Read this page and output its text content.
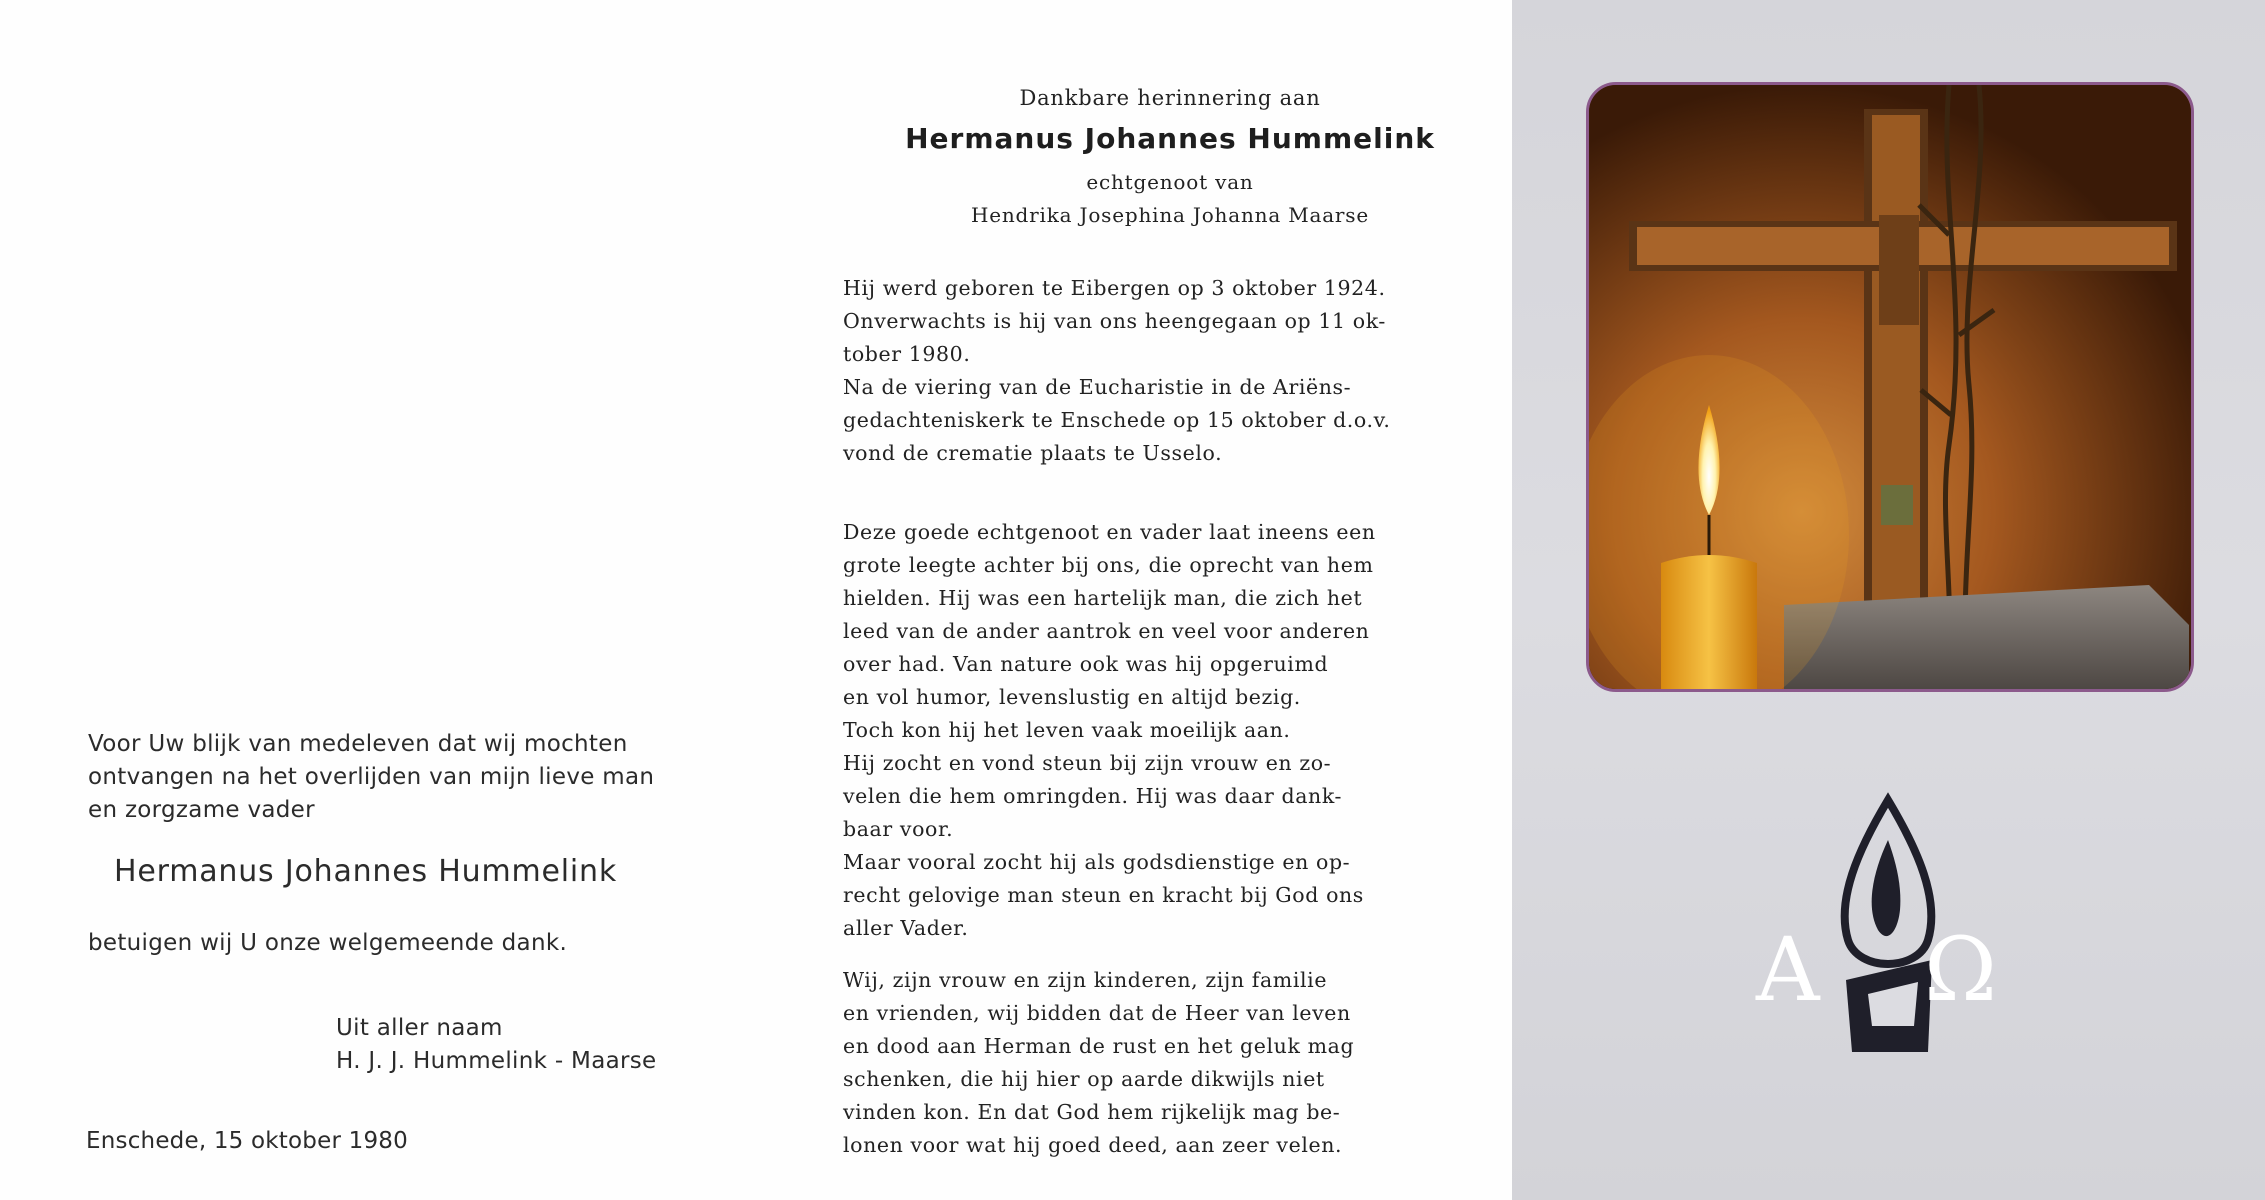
Voor Uw blijk van medeleven dat wij mochten
ontvangen na het overlijden van mijn lieve man
en zorgzame vader
Hermanus Johannes Hummelink
betuigen wij U onze welgemeende dank.
Uit aller naam
H. J. J. Hummelink - Maarse
Enschede, 15 oktober 1980
Dankbare herinnering aan
Hermanus Johannes Hummelink
echtgenoot van
Hendrika Josephina Johanna Maarse
Hij werd geboren te Eibergen op 3 oktober 1924.
Onverwachts is hij van ons heengegaan op 11 ok-
tober 1980.
Na de viering van de Eucharistie in de Ariëns-
gedachteniskerk te Enschede op 15 oktober d.o.v.
vond de crematie plaats te Usselo.
Deze goede echtgenoot en vader laat ineens een
grote leegte achter bij ons, die oprecht van hem
hielden. Hij was een hartelijk man, die zich het
leed van de ander aantrok en veel voor anderen
over had. Van nature ook was hij opgeruimd
en vol humor, levenslustig en altijd bezig.
Toch kon hij het leven vaak moeilijk aan.
Hij zocht en vond steun bij zijn vrouw en zo-
velen die hem omringden. Hij was daar dank-
baar voor.
Maar vooral zocht hij als godsdienstige en op-
recht gelovige man steun en kracht bij God ons
aller Vader.
Wij, zijn vrouw en zijn kinderen, zijn familie
en vrienden, wij bidden dat de Heer van leven
en dood aan Herman de rust en het geluk mag
schenken, die hij hier op aarde dikwijls niet
vinden kon. En dat God hem rijkelijk mag be-
lonen voor wat hij goed deed, aan zeer velen.
Α Ω
